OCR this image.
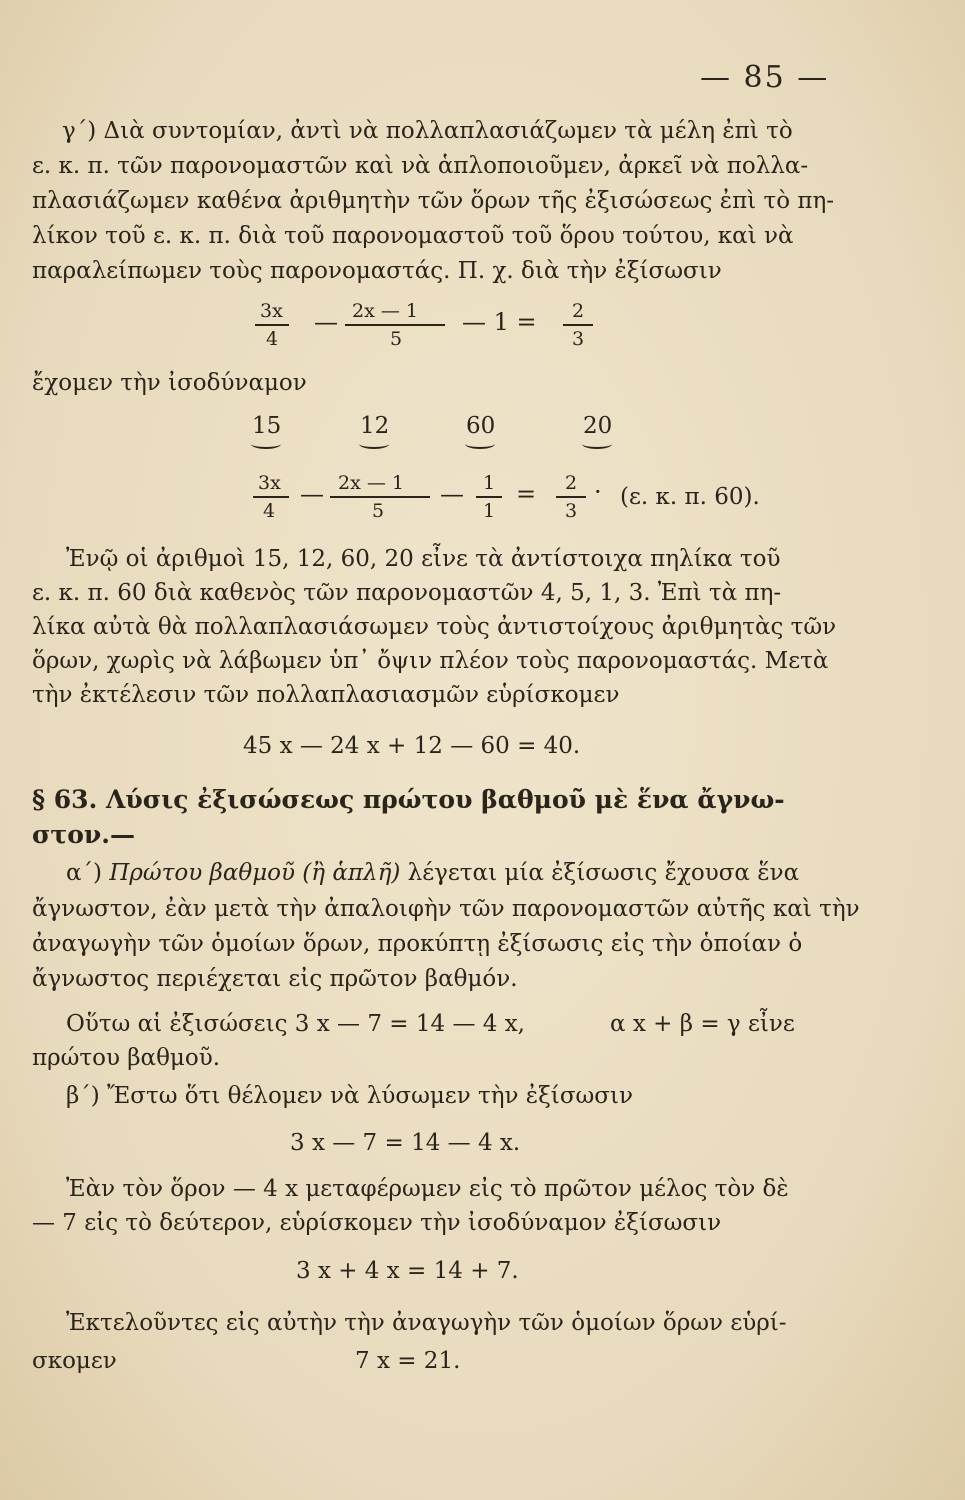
— 85 —
γ΄) Διὰ συντομίαν, ἀντὶ νὰ πολλαπλασιάζωμεν τὰ μέλη ἐπὶ τὸ
ε. κ. π. τῶν παρονομαστῶν καὶ νὰ ἁπλοποιοῦμεν, ἀρκεῖ νὰ πολλα-
πλασιάζωμεν καθένα ἀριθμητὴν τῶν ὅρων τῆς ἐξισώσεως ἐπὶ τὸ πη-
λίκον τοῦ ε. κ. π. διὰ τοῦ παρονομαστοῦ τοῦ ὅρου τούτου, καὶ νὰ
παραλείπωμεν τοὺς παρονομαστάς. Π. χ. διὰ τὴν ἐξίσωσιν
3x
4
— 2x — 1
5
— 1 = 2
3
ἔχομεν τὴν ἰσοδύναμον
15	12	60	20
3x
4
— 2x — 1
5
— 1
1
= 2
3
· (ε. κ. π. 60).
Ἐνῷ οἱ ἀριθμοὶ 15, 12, 60, 20 εἶνε τὰ ἀντίστοιχα πηλίκα τοῦ
ε. κ. π. 60 διὰ καθενὸς τῶν παρονομαστῶν 4, 5, 1, 3. Ἐπὶ τὰ πη-
λίκα αὐτὰ θὰ πολλαπλασιάσωμεν τοὺς ἀντιστοίχους ἀριθμητὰς τῶν
ὅρων, χωρὶς νὰ λάβωμεν ὑπ᾽ ὄψιν πλέον τοὺς παρονομαστάς. Μετὰ
τὴν ἐκτέλεσιν τῶν πολλαπλασιασμῶν εὑρίσκομεν
45 x — 24 x + 12 — 60 = 40.
§ 63. Λύσις ἐξισώσεως πρώτου βαθμοῦ μὲ ἕνα ἄγνω-
στον.—
α΄) Πρώτου βαθμοῦ (ἢ ἁπλῆ) λέγεται μία ἐξίσωσις ἔχουσα ἕνα
ἄγνωστον, ἐὰν μετὰ τὴν ἀπαλοιφὴν τῶν παρονομαστῶν αὐτῆς καὶ τὴν
ἀναγωγὴν τῶν ὁμοίων ὅρων, προκύπτῃ ἐξίσωσις εἰς τὴν ὁποίαν ὁ
ἄγνωστος περιέχεται εἰς πρῶτον βαθμόν.
Οὕτω αἱ ἐξισώσεις 3 x — 7 = 14 — 4 x,	α x + β = γ εἶνε
πρώτου βαθμοῦ.
β΄) Ἔστω ὅτι θέλομεν νὰ λύσωμεν τὴν ἐξίσωσιν
3 x — 7 = 14 — 4 x.
Ἐὰν τὸν ὅρον — 4 x μεταφέρωμεν εἰς τὸ πρῶτον μέλος τὸν δὲ
— 7 εἰς τὸ δεύτερον, εὑρίσκομεν τὴν ἰσοδύναμον ἐξίσωσιν
3 x + 4 x = 14 + 7.
Ἐκτελοῦντες εἰς αὐτὴν τὴν ἀναγωγὴν τῶν ὁμοίων ὅρων εὑρί-
σκομεν	7 x = 21.
